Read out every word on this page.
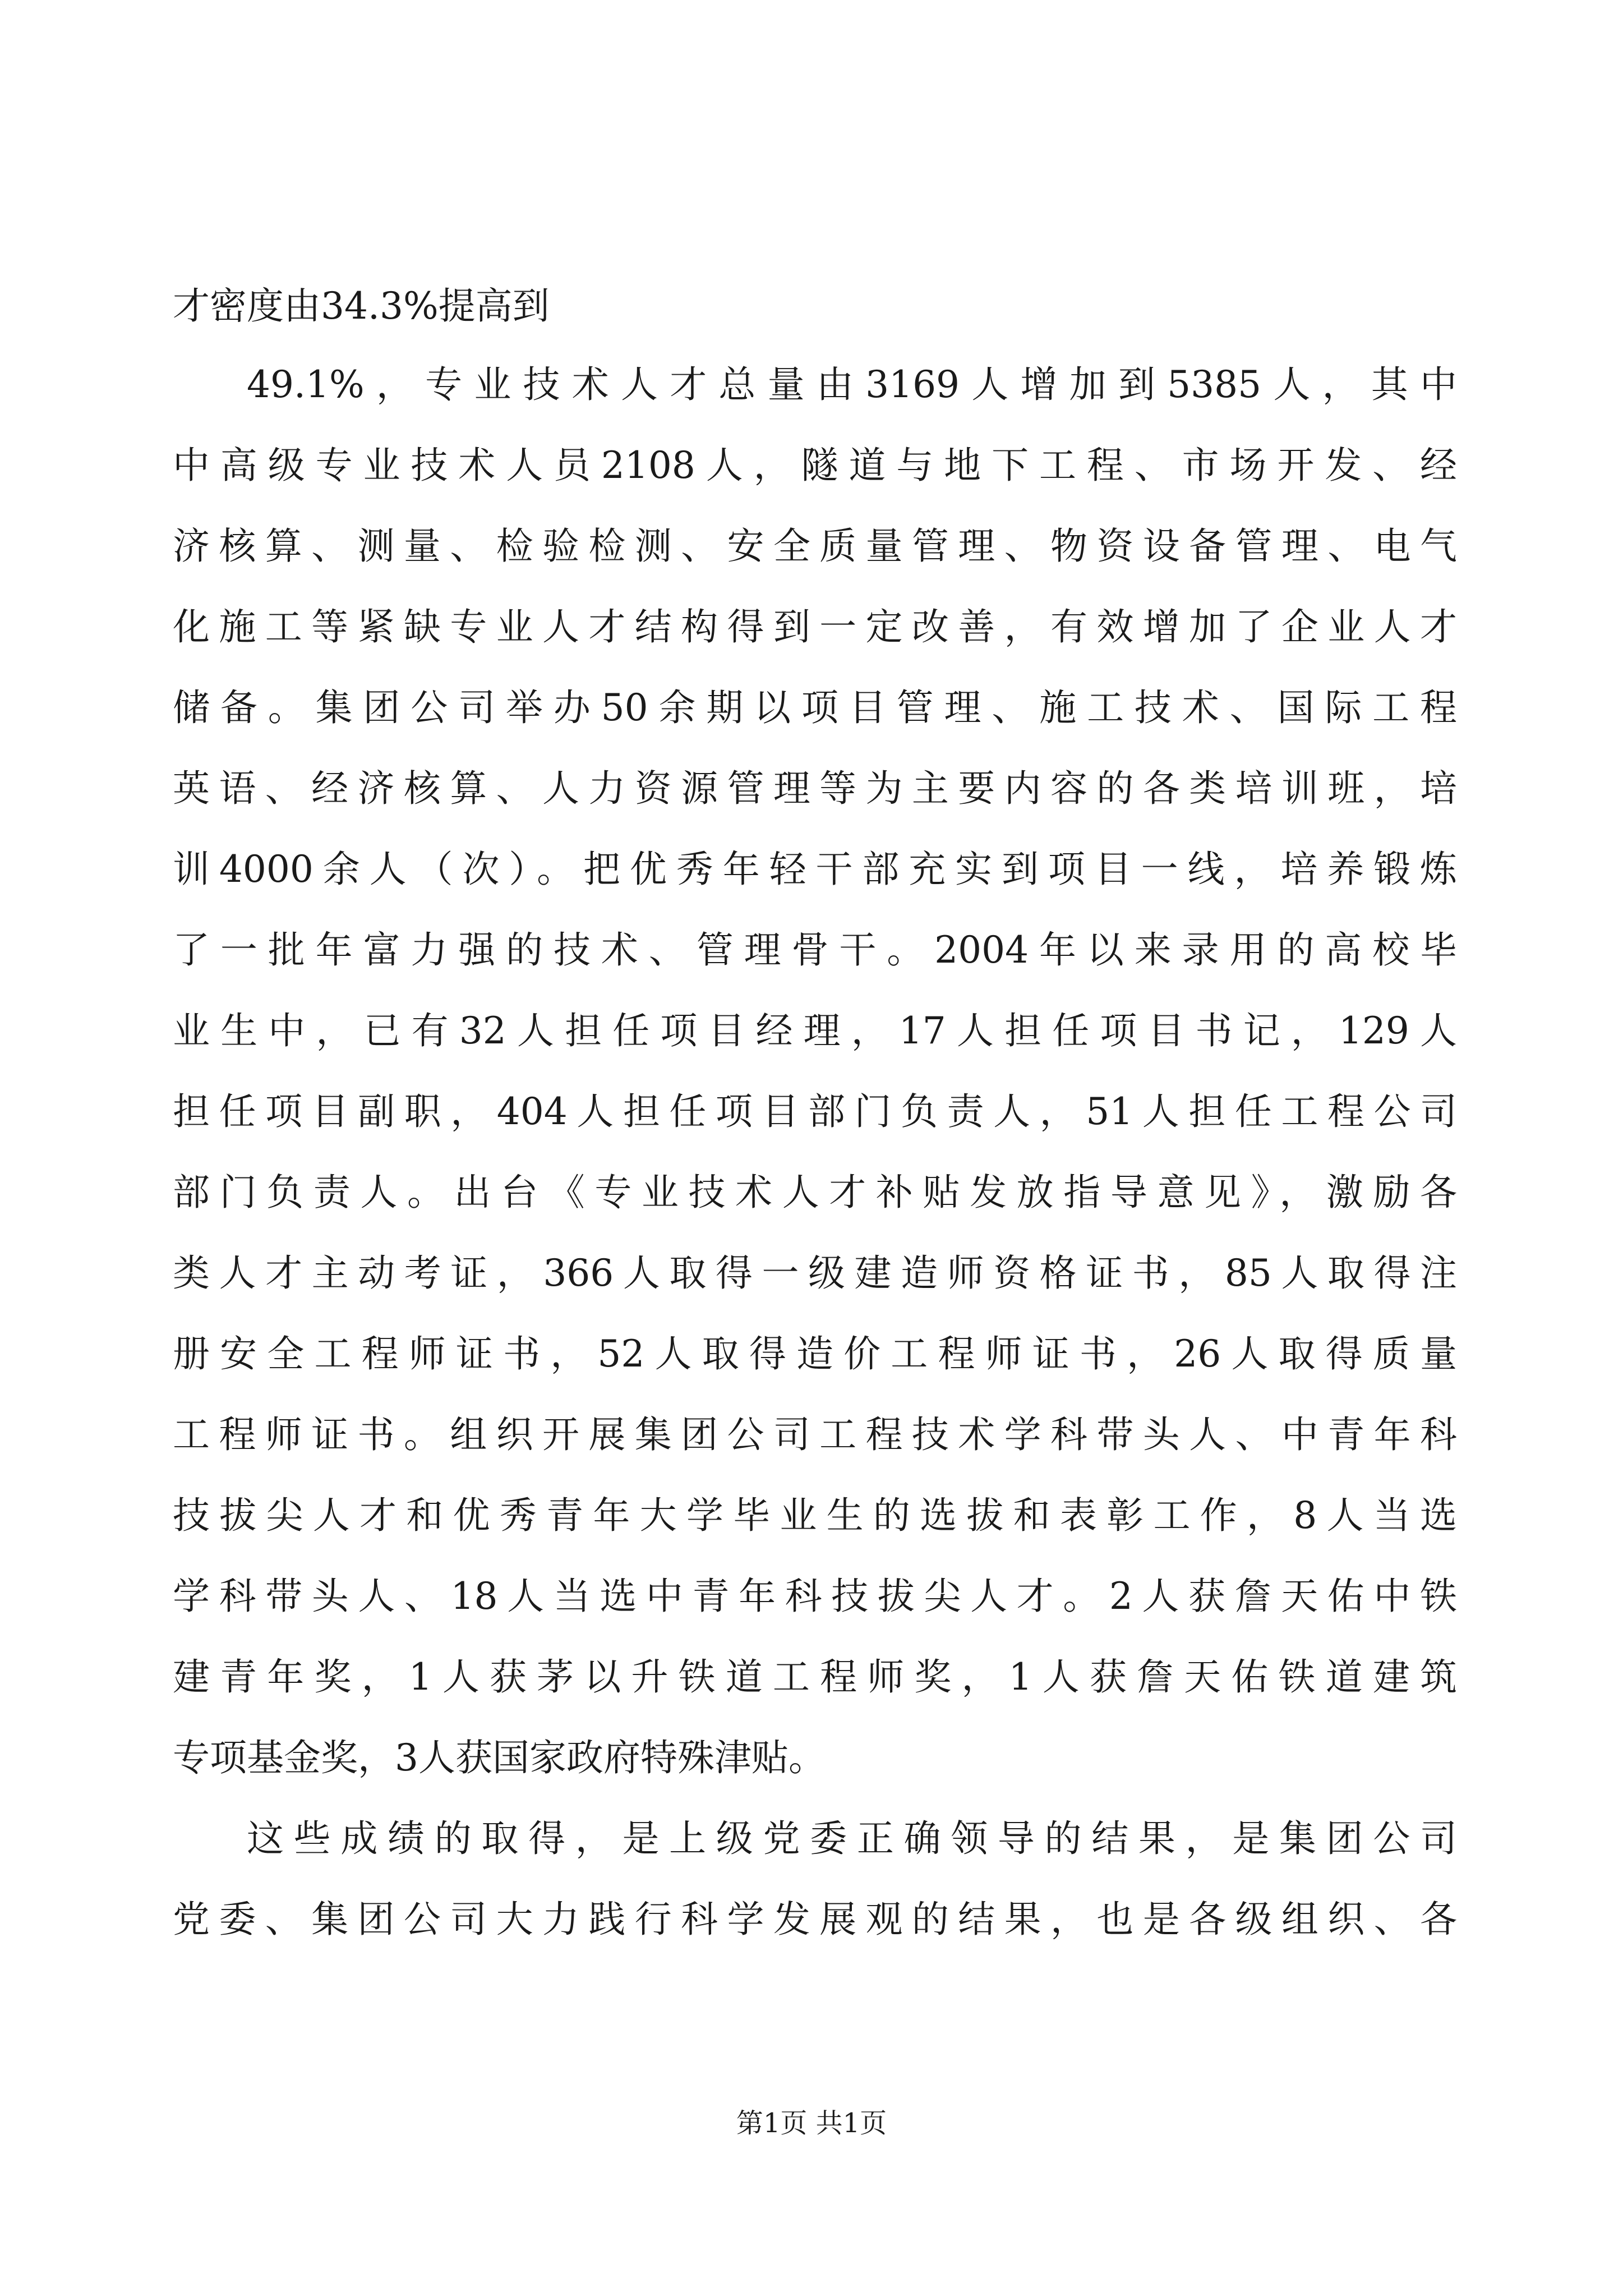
才密度由34.3%提高到
49.1%，专业技术人才总量由3169人增加到5385人，其中
中高级专业技术人员2108人，隧道与地下工程、市场开发、经
济核算、测量、检验检测、安全质量管理、物资设备管理、电气
化施工等紧缺专业人才结构得到一定改善，有效增加了企业人才
储备。集团公司举办50余期以项目管理、施工技术、国际工程
英语、经济核算、人力资源管理等为主要内容的各类培训班，培
训4000余人（次）。把优秀年轻干部充实到项目一线，培养锻炼
了一批年富力强的技术、管理骨干。2004年以来录用的高校毕
业生中，已有32人担任项目经理，17人担任项目书记，129人
担任项目副职，404人担任项目部门负责人，51人担任工程公司
部门负责人。出台《专业技术人才补贴发放指导意见》，激励各
类人才主动考证，366人取得一级建造师资格证书，85人取得注
册安全工程师证书，52人取得造价工程师证书，26人取得质量
工程师证书。组织开展集团公司工程技术学科带头人、中青年科
技拔尖人才和优秀青年大学毕业生的选拔和表彰工作，8人当选
学科带头人、18人当选中青年科技拔尖人才。2人获詹天佑中铁
建青年奖，1人获茅以升铁道工程师奖，1人获詹天佑铁道建筑
专项基金奖，3人获国家政府特殊津贴。
这些成绩的取得，是上级党委正确领导的结果，是集团公司
党委、集团公司大力践行科学发展观的结果，也是各级组织、各
第1页 共1页
